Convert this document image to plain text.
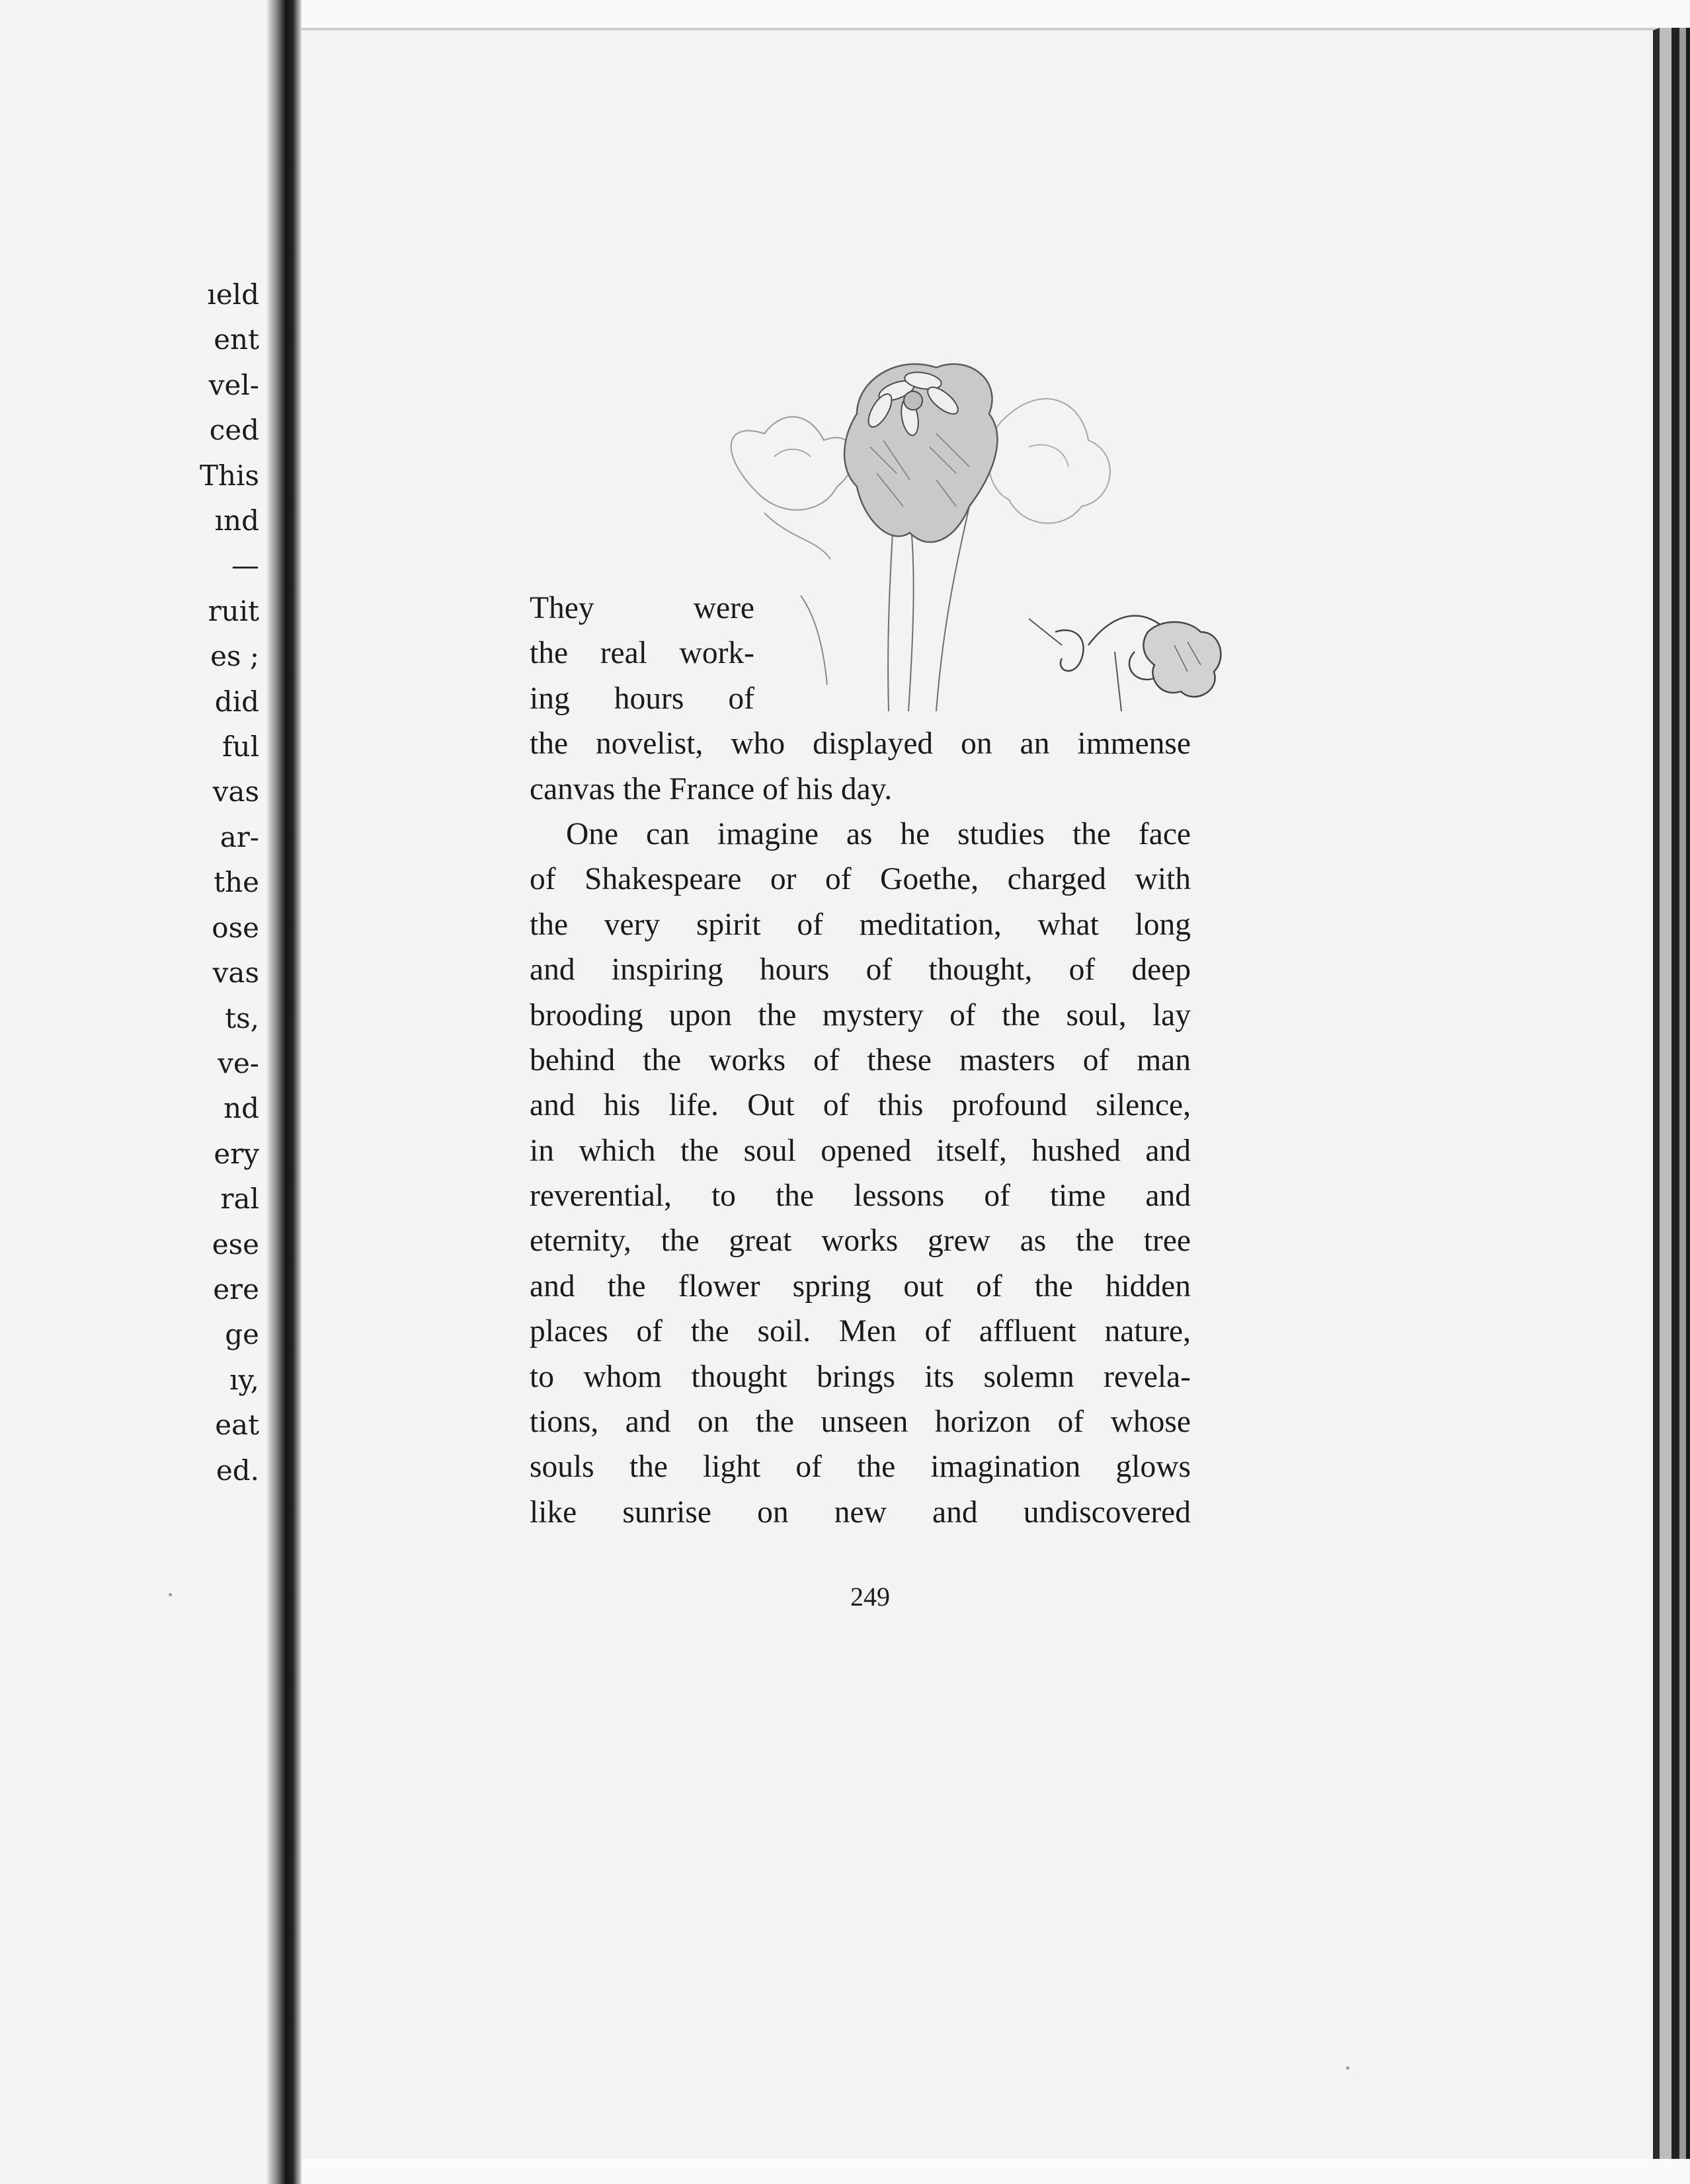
ıeld
ent
vel-
ced
This
ınd
—
ruit
es ;
did
ful
vas
ar-
the
ose
vas
ts,
ve-
nd
ery
ral
ese
ere
ge
ıy,
eat
ed.
They were
the real work-
ing hours of
the novelist, who displayed on an immense
canvas the France of his day.
One can imagine as he studies the face
of Shakespeare or of Goethe, charged with
the very spirit of meditation, what long
and inspiring hours of thought, of deep
brooding upon the mystery of the soul, lay
behind the works of these masters of man
and his life. Out of this profound silence,
in which the soul opened itself, hushed and
reverential, to the lessons of time and
eternity, the great works grew as the tree
and the flower spring out of the hidden
places of the soil. Men of affluent nature,
to whom thought brings its solemn revela-
tions, and on the unseen horizon of whose
souls the light of the imagination glows
like sunrise on new and undiscovered
249
